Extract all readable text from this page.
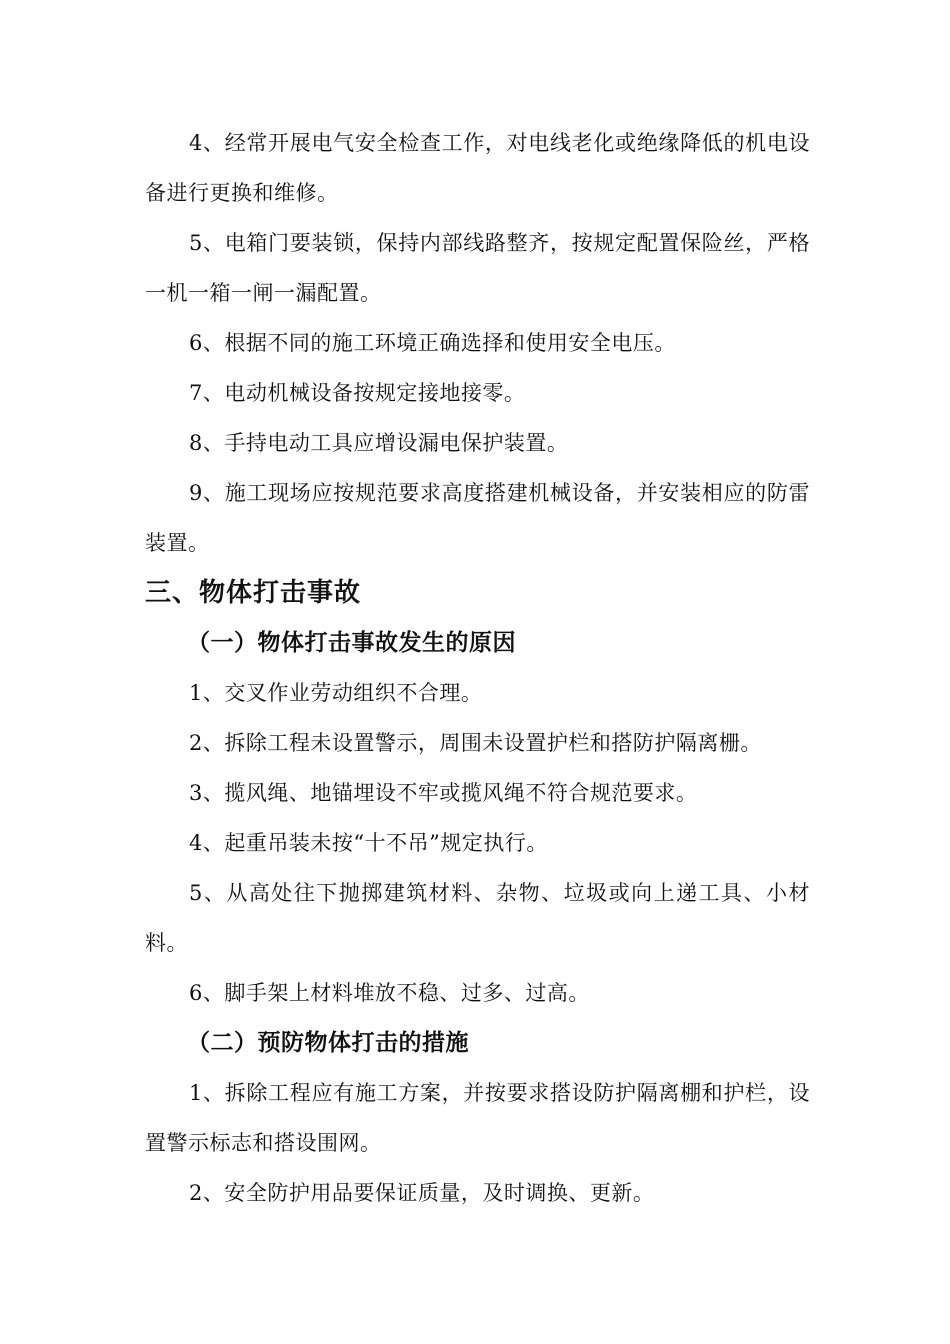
4、经常开展电气安全检查工作，对电线老化或绝缘降低的机电设备进行更换和维修。

5、电箱门要装锁，保持内部线路整齐，按规定配置保险丝，严格一机一箱一闸一漏配置。

6、根据不同的施工环境正确选择和使用安全电压。

7、电动机械设备按规定接地接零。

8、手持电动工具应增设漏电保护装置。

9、施工现场应按规范要求高度搭建机械设备，并安装相应的防雷装置。

三、物体打击事故
（一）物体打击事故发生的原因

1、交叉作业劳动组织不合理。

2、拆除工程未设置警示，周围未设置护栏和搭防护隔离栅。

3、揽风绳、地锚埋设不牢或揽风绳不符合规范要求。

4、起重吊装未按“十不吊”规定执行。

5、从高处往下抛掷建筑材料、杂物、垃圾或向上递工具、小材料。

6、脚手架上材料堆放不稳、过多、过高。

（二）预防物体打击的措施

1、拆除工程应有施工方案，并按要求搭设防护隔离棚和护栏，设置警示标志和搭设围网。

2、安全防护用品要保证质量，及时调换、更新。
